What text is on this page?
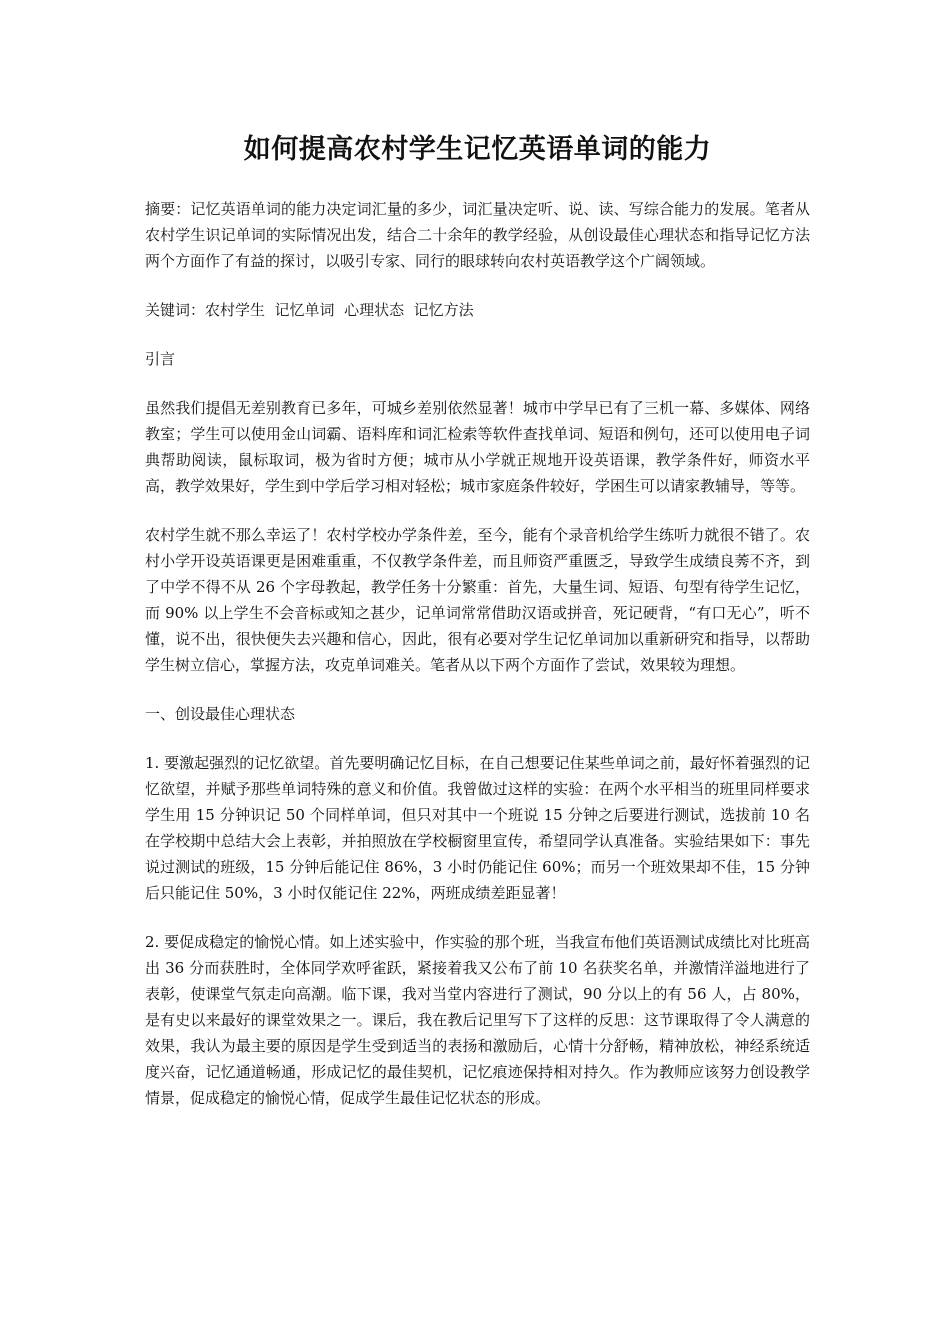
如何提高农村学生记忆英语单词的能力

摘要：记忆英语单词的能力决定词汇量的多少，词汇量决定听、说、读、写综合能力的发展。笔者从农村学生识记单词的实际情况出发，结合二十余年的教学经验，从创设最佳心理状态和指导记忆方法两个方面作了有益的探讨，以吸引专家、同行的眼球转向农村英语教学这个广阔领域。

关键词：农村学生  记忆单词  心理状态  记忆方法

引言

虽然我们提倡无差别教育已多年，可城乡差别依然显著！城市中学早已有了三机一幕、多媒体、网络教室；学生可以使用金山词霸、语料库和词汇检索等软件查找单词、短语和例句，还可以使用电子词典帮助阅读，鼠标取词，极为省时方便；城市从小学就正规地开设英语课，教学条件好，师资水平高，教学效果好，学生到中学后学习相对轻松；城市家庭条件较好，学困生可以请家教辅导，等等。

农村学生就不那么幸运了！农村学校办学条件差，至今，能有个录音机给学生练听力就很不错了。农村小学开设英语课更是困难重重，不仅教学条件差，而且师资严重匮乏，导致学生成绩良莠不齐，到了中学不得不从 26 个字母教起，教学任务十分繁重：首先，大量生词、短语、句型有待学生记忆，而 90% 以上学生不会音标或知之甚少，记单词常常借助汉语或拼音，死记硬背，“有口无心”，听不懂，说不出，很快便失去兴趣和信心，因此，很有必要对学生记忆单词加以重新研究和指导，以帮助学生树立信心，掌握方法，攻克单词难关。笔者从以下两个方面作了尝试，效果较为理想。

一、创设最佳心理状态

1. 要激起强烈的记忆欲望。首先要明确记忆目标，在自己想要记住某些单词之前，最好怀着强烈的记忆欲望，并赋予那些单词特殊的意义和价值。我曾做过这样的实验：在两个水平相当的班里同样要求学生用 15 分钟识记 50 个同样单词，但只对其中一个班说 15 分钟之后要进行测试，选拔前 10 名在学校期中总结大会上表彰，并拍照放在学校橱窗里宣传，希望同学认真准备。实验结果如下：事先说过测试的班级，15 分钟后能记住 86%，3 小时仍能记住 60%；而另一个班效果却不佳，15 分钟后只能记住 50%，3 小时仅能记住 22%，两班成绩差距显著！

2. 要促成稳定的愉悦心情。如上述实验中，作实验的那个班，当我宣布他们英语测试成绩比对比班高出 36 分而获胜时，全体同学欢呼雀跃，紧接着我又公布了前 10 名获奖名单，并激情洋溢地进行了表彰，使课堂气氛走向高潮。临下课，我对当堂内容进行了测试，90 分以上的有 56 人，占 80%，是有史以来最好的课堂效果之一。课后，我在教后记里写下了这样的反思：这节课取得了令人满意的效果，我认为最主要的原因是学生受到适当的表扬和激励后，心情十分舒畅，精神放松，神经系统适度兴奋，记忆通道畅通，形成记忆的最佳契机，记忆痕迹保持相对持久。作为教师应该努力创设教学情景，促成稳定的愉悦心情，促成学生最佳记忆状态的形成。
